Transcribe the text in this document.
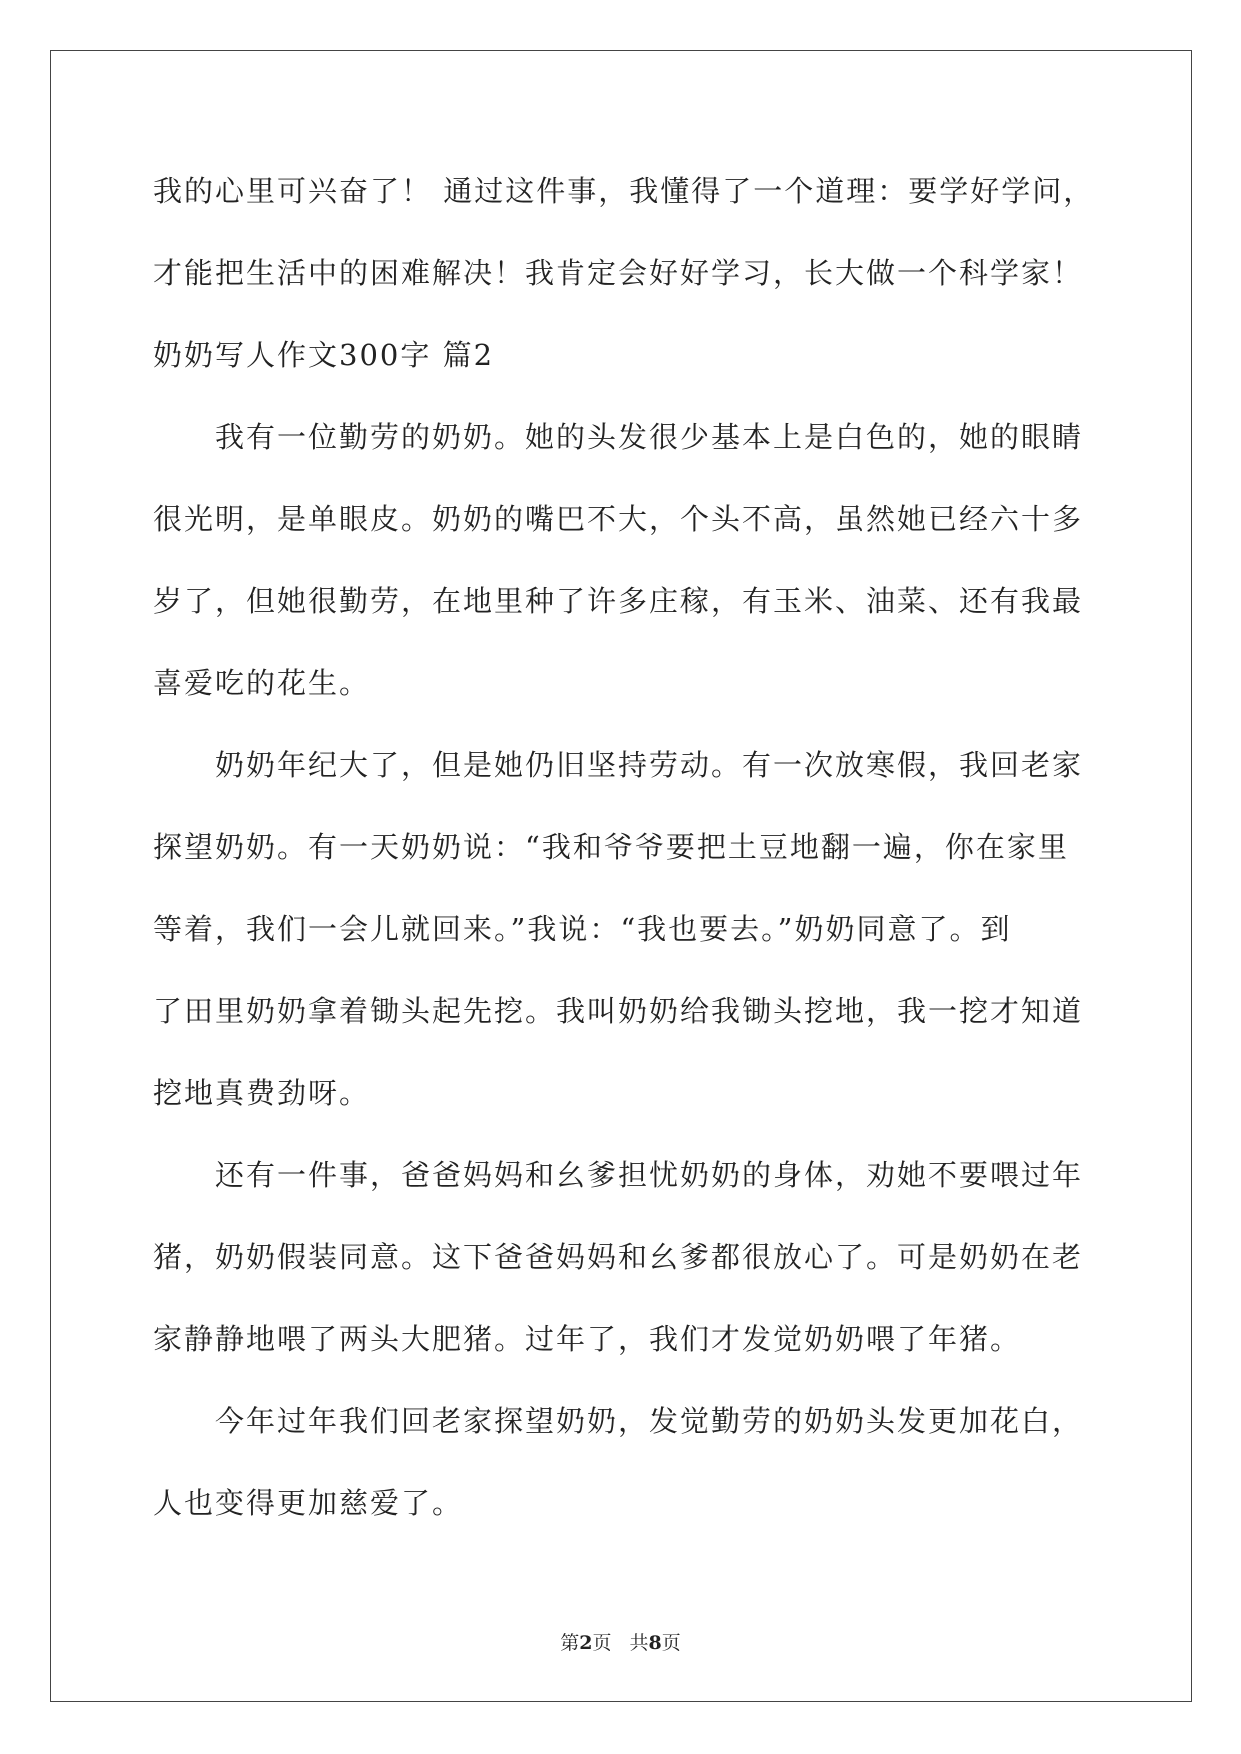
我的心里可兴奋了！ 通过这件事，我懂得了一个道理：要学好学问，
才能把生活中的困难解决！我肯定会好好学习，长大做一个科学家！
奶奶写人作文300字 篇2
我有一位勤劳的奶奶。她的头发很少基本上是白色的，她的眼睛
很光明，是单眼皮。奶奶的嘴巴不大，个头不高，虽然她已经六十多
岁了，但她很勤劳，在地里种了许多庄稼，有玉米、油菜、还有我最
喜爱吃的花生。
奶奶年纪大了，但是她仍旧坚持劳动。有一次放寒假，我回老家
探望奶奶。有一天奶奶说：“我和爷爷要把土豆地翻一遍，你在家里
等着，我们一会儿就回来。”我说：“我也要去。”奶奶同意了。到
了田里奶奶拿着锄头起先挖。我叫奶奶给我锄头挖地，我一挖才知道
挖地真费劲呀。
还有一件事，爸爸妈妈和幺爹担忧奶奶的身体，劝她不要喂过年
猪，奶奶假装同意。这下爸爸妈妈和幺爹都很放心了。可是奶奶在老
家静静地喂了两头大肥猪。过年了，我们才发觉奶奶喂了年猪。
今年过年我们回老家探望奶奶，发觉勤劳的奶奶头发更加花白，
人也变得更加慈爱了。
第2页 共8页
